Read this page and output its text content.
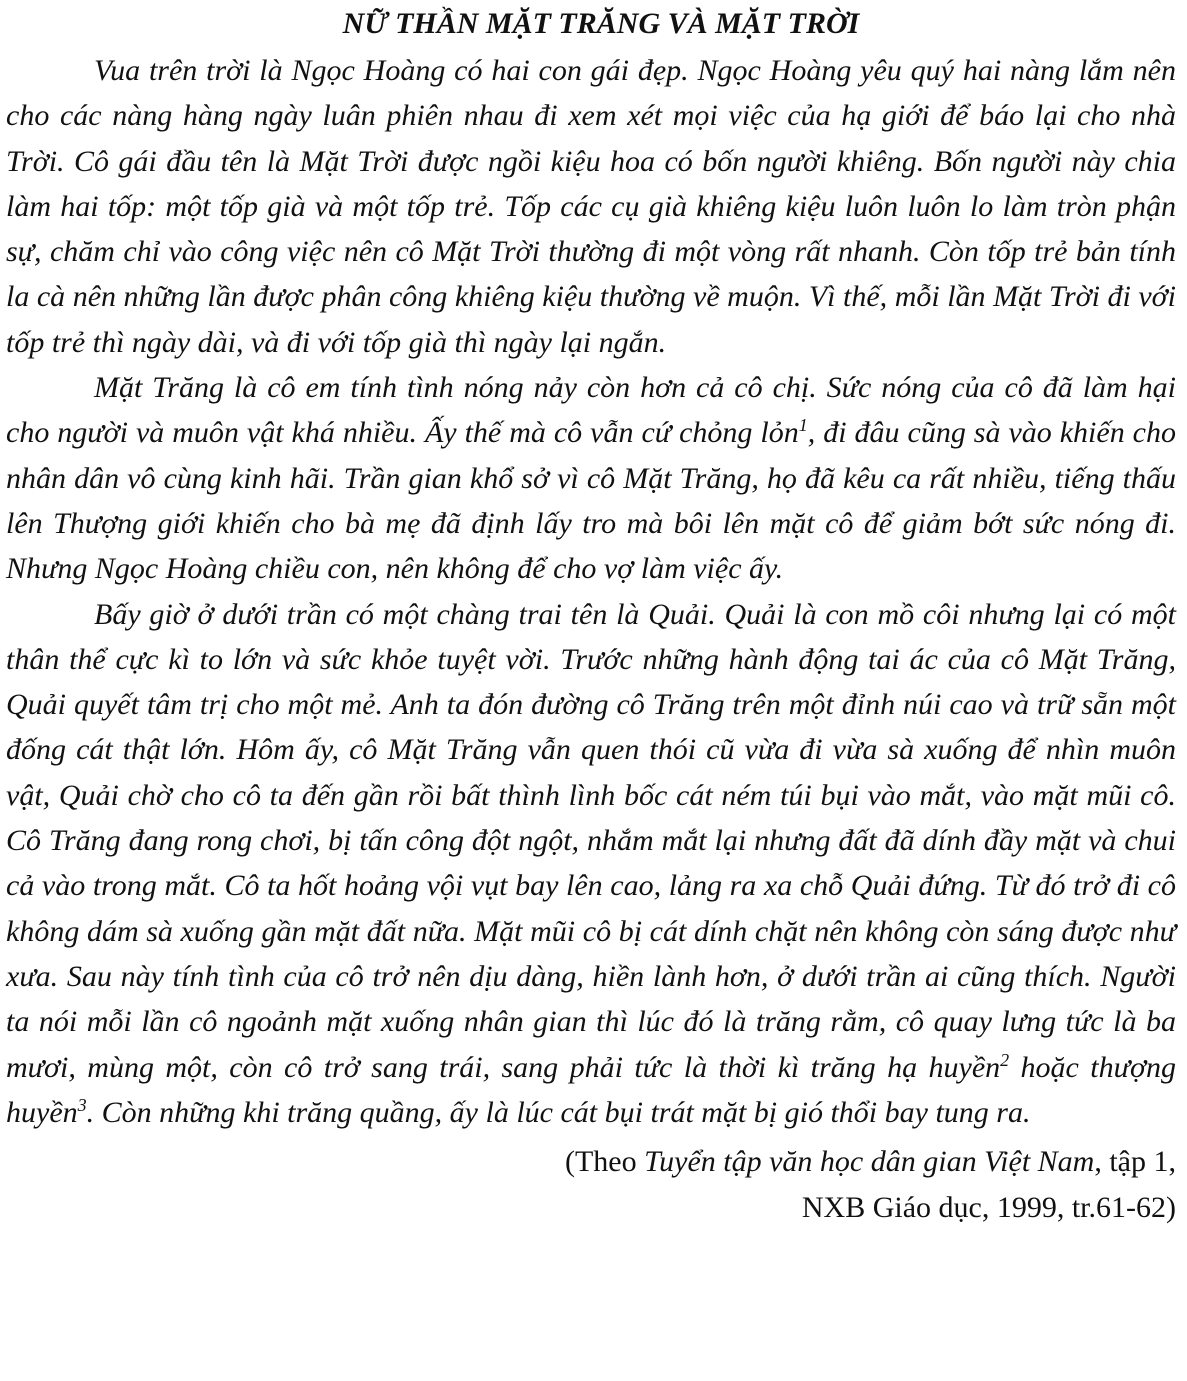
NỮ THẦN MẶT TRĂNG VÀ MẶT TRỜI

Vua trên trời là Ngọc Hoàng có hai con gái đẹp. Ngọc Hoàng yêu quý hai nàng lắm nên cho các nàng hàng ngày luân phiên nhau đi xem xét mọi việc của hạ giới để báo lại cho nhà Trời. Cô gái đầu tên là Mặt Trời được ngồi kiệu hoa có bốn người khiêng. Bốn người này chia làm hai tốp: một tốp già và một tốp trẻ. Tốp các cụ già khiêng kiệu luôn luôn lo làm tròn phận sự, chăm chỉ vào công việc nên cô Mặt Trời thường đi một vòng rất nhanh. Còn tốp trẻ bản tính la cà nên những lần được phân công khiêng kiệu thường về muộn. Vì thế, mỗi lần Mặt Trời đi với tốp trẻ thì ngày dài, và đi với tốp già thì ngày lại ngắn.

Mặt Trăng là cô em tính tình nóng nảy còn hơn cả cô chị. Sức nóng của cô đã làm hại cho người và muôn vật khá nhiều. Ấy thế mà cô vẫn cứ chỏng lỏn$^1$, đi đâu cũng sà vào khiến cho nhân dân vô cùng kinh hãi. Trần gian khổ sở vì cô Mặt Trăng, họ đã kêu ca rất nhiều, tiếng thấu lên Thượng giới khiến cho bà mẹ đã định lấy tro mà bôi lên mặt cô để giảm bớt sức nóng đi. Nhưng Ngọc Hoàng chiều con, nên không để cho vợ làm việc ấy.

Bấy giờ ở dưới trần có một chàng trai tên là Quải. Quải là con mồ côi nhưng lại có một thân thể cực kì to lớn và sức khỏe tuyệt vời. Trước những hành động tai ác của cô Mặt Trăng, Quải quyết tâm trị cho một mẻ. Anh ta đón đường cô Trăng trên một đỉnh núi cao và trữ sẵn một đống cát thật lớn. Hôm ấy, cô Mặt Trăng vẫn quen thói cũ vừa đi vừa sà xuống để nhìn muôn vật, Quải chờ cho cô ta đến gần rồi bất thình lình bốc cát ném túi bụi vào mắt, vào mặt mũi cô. Cô Trăng đang rong chơi, bị tấn công đột ngột, nhắm mắt lại nhưng đất đã dính đầy mặt và chui cả vào trong mắt. Cô ta hốt hoảng vội vụt bay lên cao, lảng ra xa chỗ Quải đứng. Từ đó trở đi cô không dám sà xuống gần mặt đất nữa. Mặt mũi cô bị cát dính chặt nên không còn sáng được như xưa. Sau này tính tình của cô trở nên dịu dàng, hiền lành hơn, ở dưới trần ai cũng thích. Người ta nói mỗi lần cô ngoảnh mặt xuống nhân gian thì lúc đó là trăng rằm, cô quay lưng tức là ba mươi, mùng một, còn cô trở sang trái, sang phải tức là thời kì trăng hạ huyền$^2$ hoặc thượng huyền$^3$. Còn những khi trăng quầng, ấy là lúc cát bụi trát mặt bị gió thổi bay tung ra.

(Theo Tuyển tập văn học dân gian Việt Nam, tập 1,
NXB Giáo dục, 1999, tr.61-62)
